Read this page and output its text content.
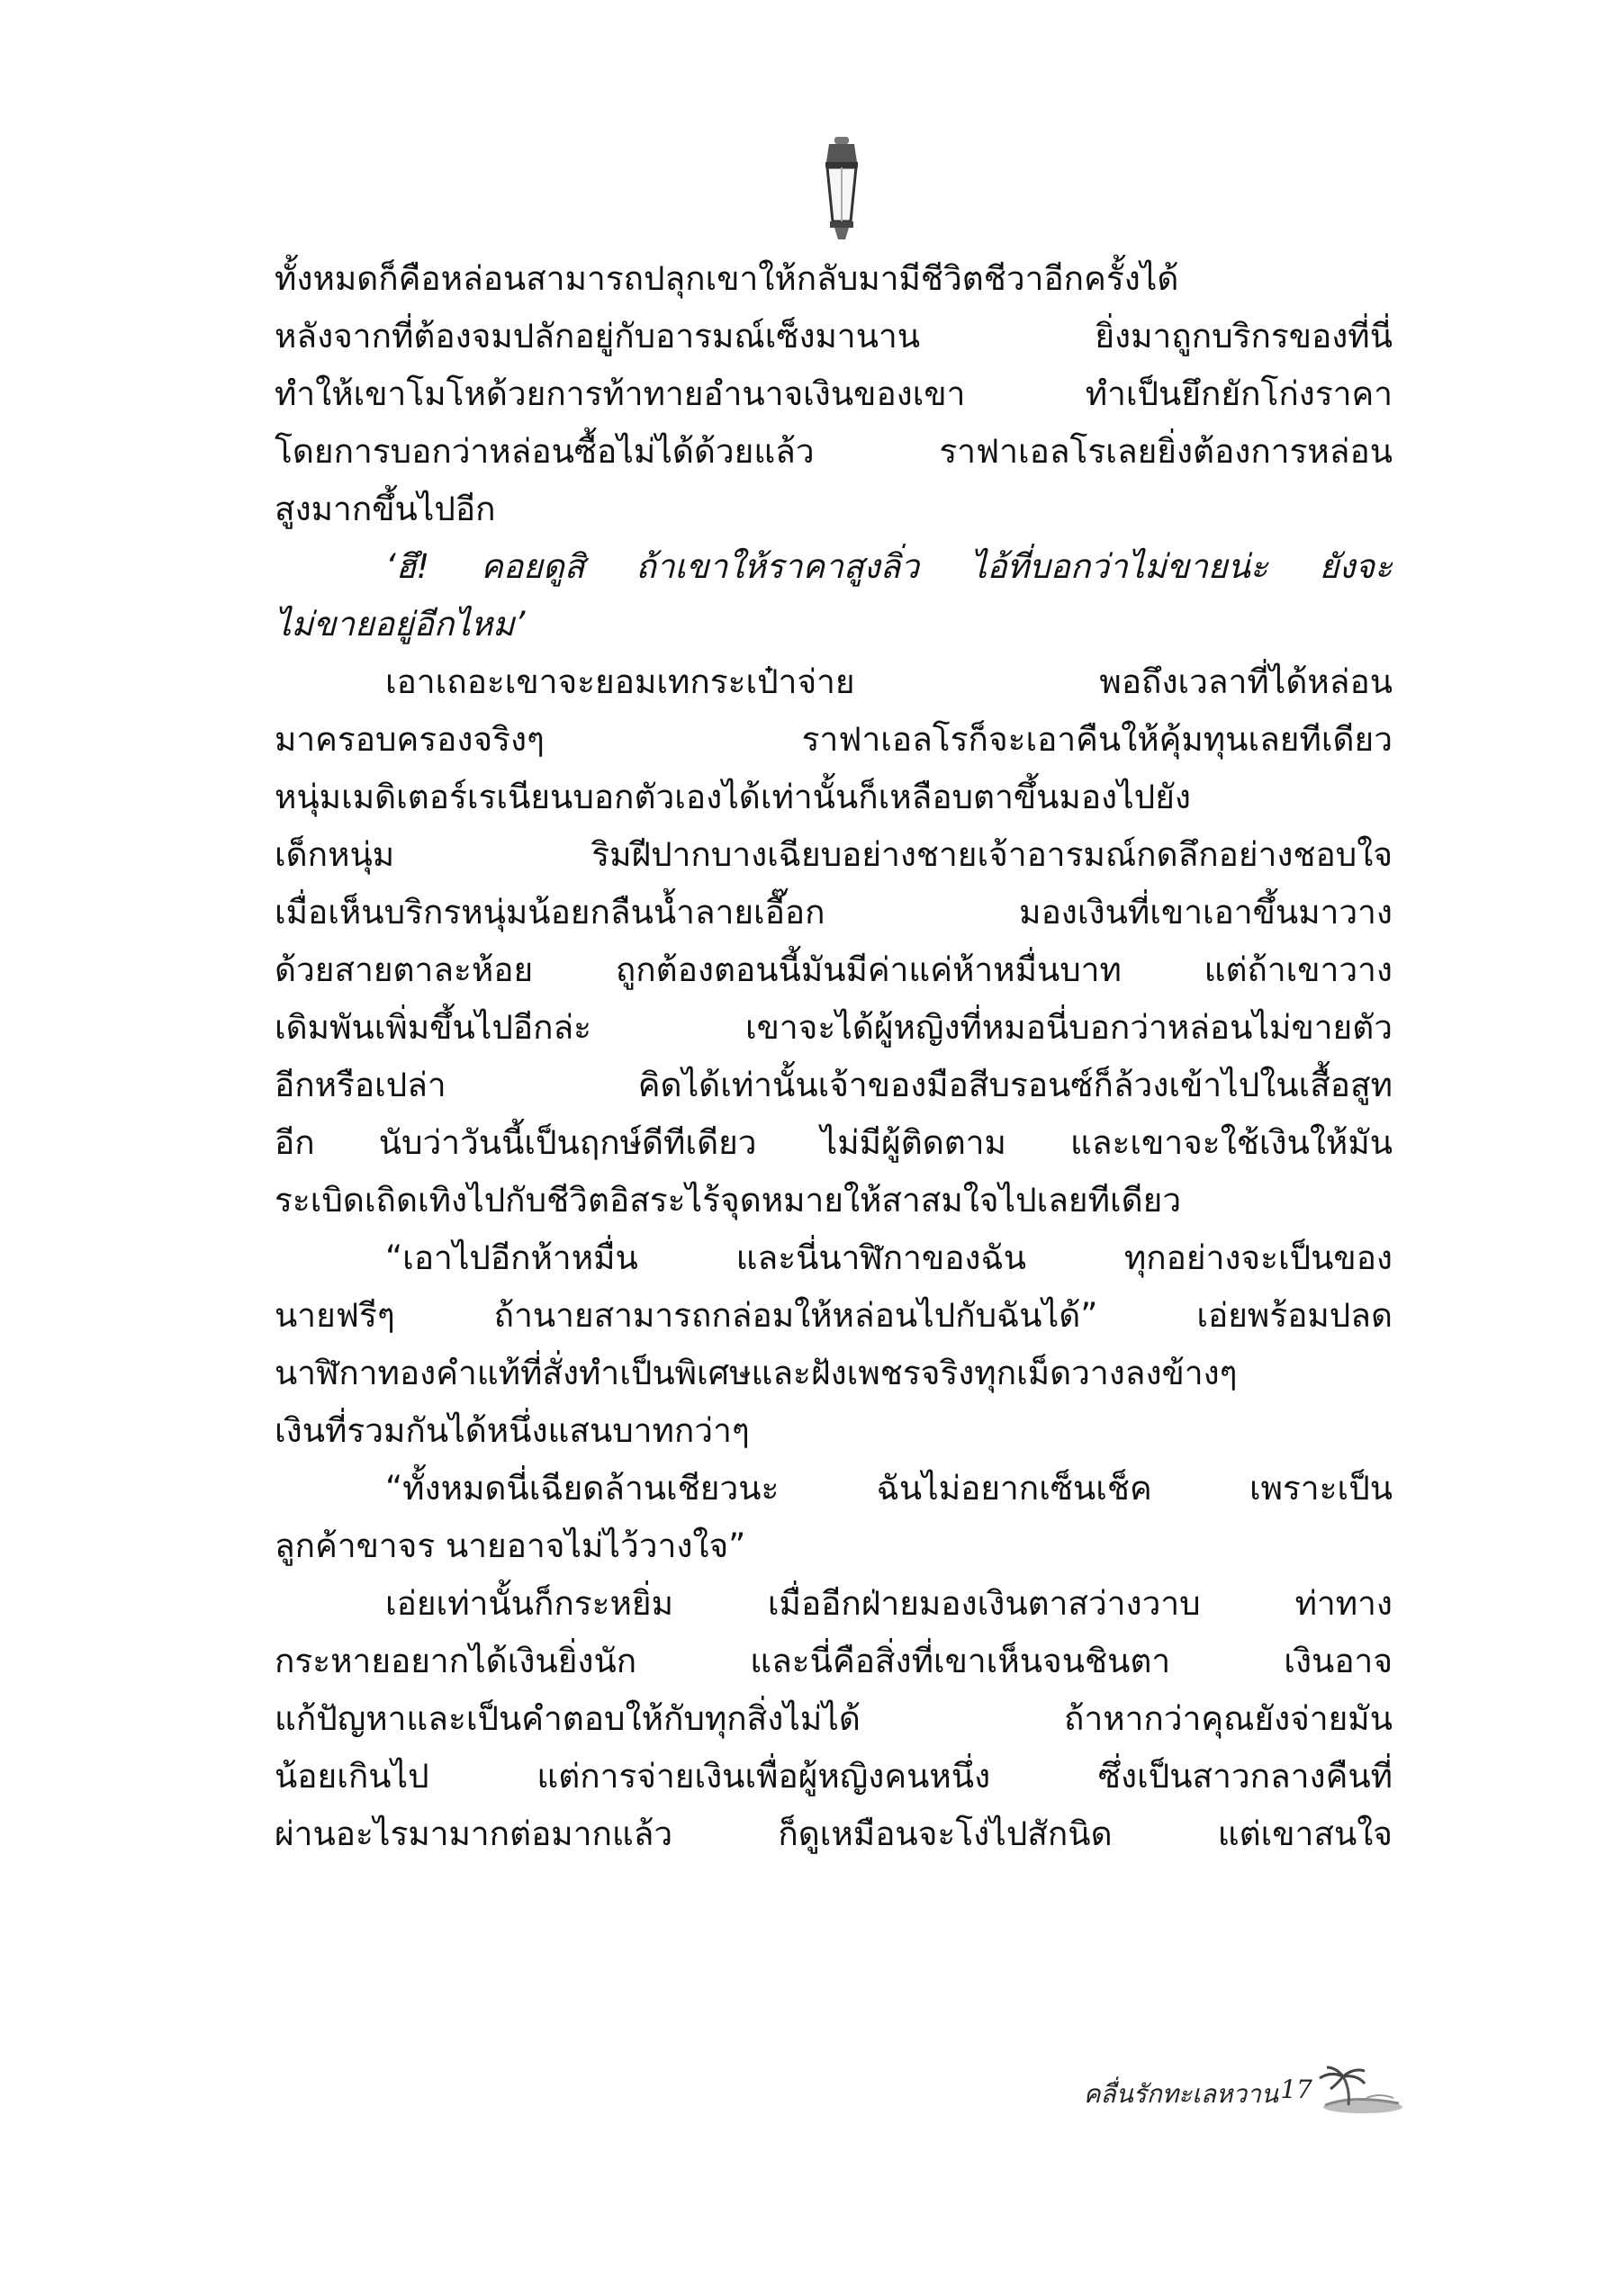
ทั้งหมดก็คือหล่อนสามารถปลุกเขาให้กลับมามีชีวิตชีวาอีกครั้งได้
หลังจากที่ต้องจมปลักอยู่กับอารมณ์เซ็งมานาน ยิ่งมาถูกบริกรของที่นี่
ทำให้เขาโมโหด้วยการท้าทายอำนาจเงินของเขา ทำเป็นยึกยักโก่งราคา
โดยการบอกว่าหล่อนซื้อไม่ได้ด้วยแล้ว ราฟาเอลโรเลยยิ่งต้องการหล่อน
สูงมากขึ้นไปอีก
‘ฮึ! คอยดูสิ ถ้าเขาให้ราคาสูงลิ่ว ไอ้ที่บอกว่าไม่ขายน่ะ ยังจะ
ไม่ขายอยู่อีกไหม’
เอาเถอะเขาจะยอมเทกระเป๋าจ่าย พอถึงเวลาที่ได้หล่อน
มาครอบครองจริงๆ ราฟาเอลโรก็จะเอาคืนให้คุ้มทุนเลยทีเดียว
หนุ่มเมดิเตอร์เรเนียนบอกตัวเองได้เท่านั้นก็เหลือบตาขึ้นมองไปยัง
เด็กหนุ่ม ริมฝีปากบางเฉียบอย่างชายเจ้าอารมณ์กดลึกอย่างชอบใจ
เมื่อเห็นบริกรหนุ่มน้อยกลืนน้ำลายเอื๊อก มองเงินที่เขาเอาขึ้นมาวาง
ด้วยสายตาละห้อย ถูกต้องตอนนี้มันมีค่าแค่ห้าหมื่นบาท แต่ถ้าเขาวาง
เดิมพันเพิ่มขึ้นไปอีกล่ะ เขาจะได้ผู้หญิงที่หมอนี่บอกว่าหล่อนไม่ขายตัว
อีกหรือเปล่า คิดได้เท่านั้นเจ้าของมือสีบรอนซ์ก็ล้วงเข้าไปในเสื้อสูท
อีก นับว่าวันนี้เป็นฤกษ์ดีทีเดียว ไม่มีผู้ติดตาม และเขาจะใช้เงินให้มัน
ระเบิดเถิดเทิงไปกับชีวิตอิสระไร้จุดหมายให้สาสมใจไปเลยทีเดียว
“เอาไปอีกห้าหมื่น และนี่นาฬิกาของฉัน ทุกอย่างจะเป็นของ
นายฟรีๆ ถ้านายสามารถกล่อมให้หล่อนไปกับฉันได้” เอ่ยพร้อมปลด
นาฬิกาทองคำแท้ที่สั่งทำเป็นพิเศษและฝังเพชรจริงทุกเม็ดวางลงข้างๆ
เงินที่รวมกันได้หนึ่งแสนบาทกว่าๆ
“ทั้งหมดนี่เฉียดล้านเชียวนะ ฉันไม่อยากเซ็นเช็ค เพราะเป็น
ลูกค้าขาจร นายอาจไม่ไว้วางใจ”
เอ่ยเท่านั้นก็กระหยิ่ม เมื่ออีกฝ่ายมองเงินตาสว่างวาบ ท่าทาง
กระหายอยากได้เงินยิ่งนัก และนี่คือสิ่งที่เขาเห็นจนชินตา เงินอาจ
แก้ปัญหาและเป็นคำตอบให้กับทุกสิ่งไม่ได้ ถ้าหากว่าคุณยังจ่ายมัน
น้อยเกินไป แต่การจ่ายเงินเพื่อผู้หญิงคนหนึ่ง ซึ่งเป็นสาวกลางคืนที่
ผ่านอะไรมามากต่อมากแล้ว ก็ดูเหมือนจะโง่ไปสักนิด แต่เขาสนใจ
คลื่นรักทะเลหวาน 17
